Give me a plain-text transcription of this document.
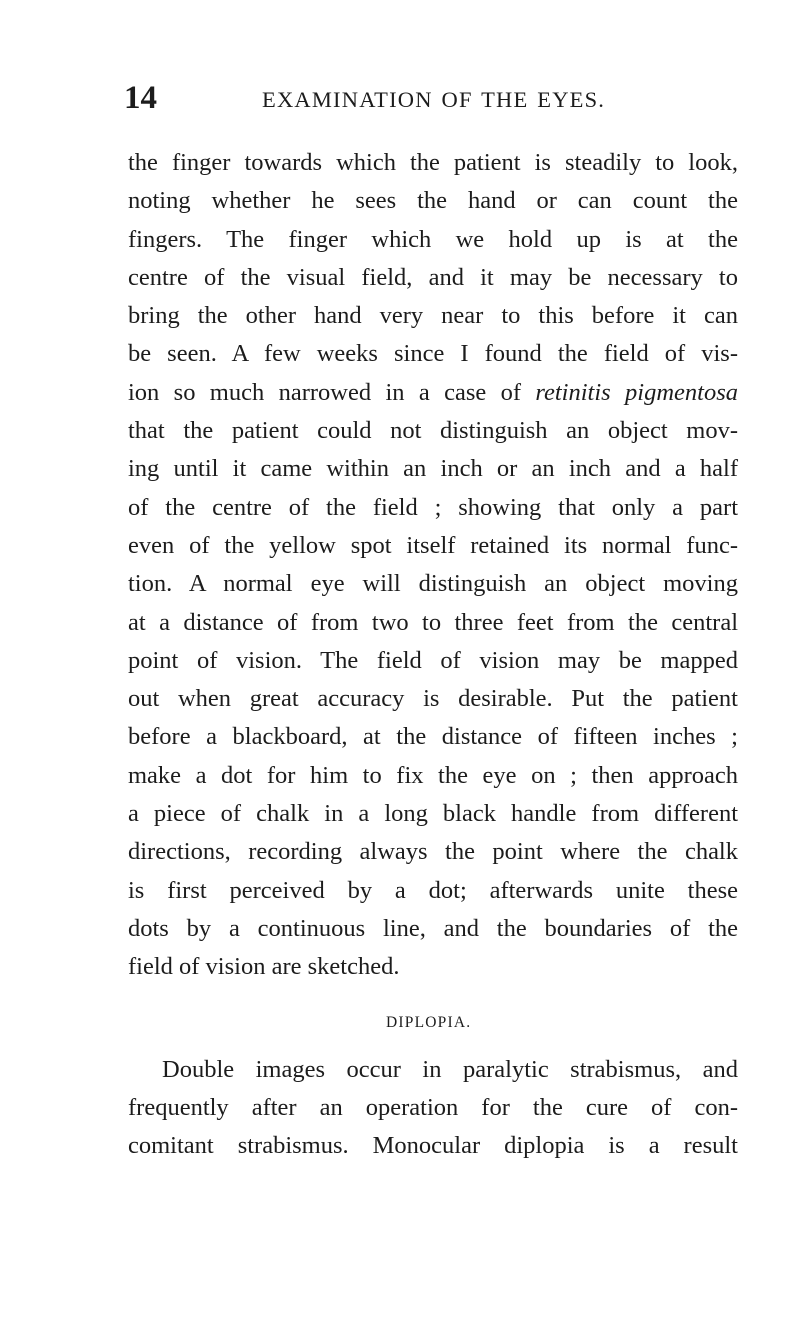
14	EXAMINATION OF THE EYES.
the finger towards which the patient is steadily to look,
noting whether he sees the hand or can count the
fingers. The finger which we hold up is at the
centre of the visual field, and it may be necessary to
bring the other hand very near to this before it can
be seen. A few weeks since I found the field of vis-
ion so much narrowed in a case of retinitis pigmentosa
that the patient could not distinguish an object mov-
ing until it came within an inch or an inch and a half
of the centre of the field ; showing that only a part
even of the yellow spot itself retained its normal func-
tion. A normal eye will distinguish an object moving
at a distance of from two to three feet from the central
point of vision. The field of vision may be mapped
out when great accuracy is desirable. Put the patient
before a blackboard, at the distance of fifteen inches ;
make a dot for him to fix the eye on ; then approach
a piece of chalk in a long black handle from different
directions, recording always the point where the chalk
is first perceived by a dot; afterwards unite these
dots by a continuous line, and the boundaries of the
field of vision are sketched.
DIPLOPIA.
Double images occur in paralytic strabismus, and
frequently after an operation for the cure of con-
comitant strabismus. Monocular diplopia is a result
